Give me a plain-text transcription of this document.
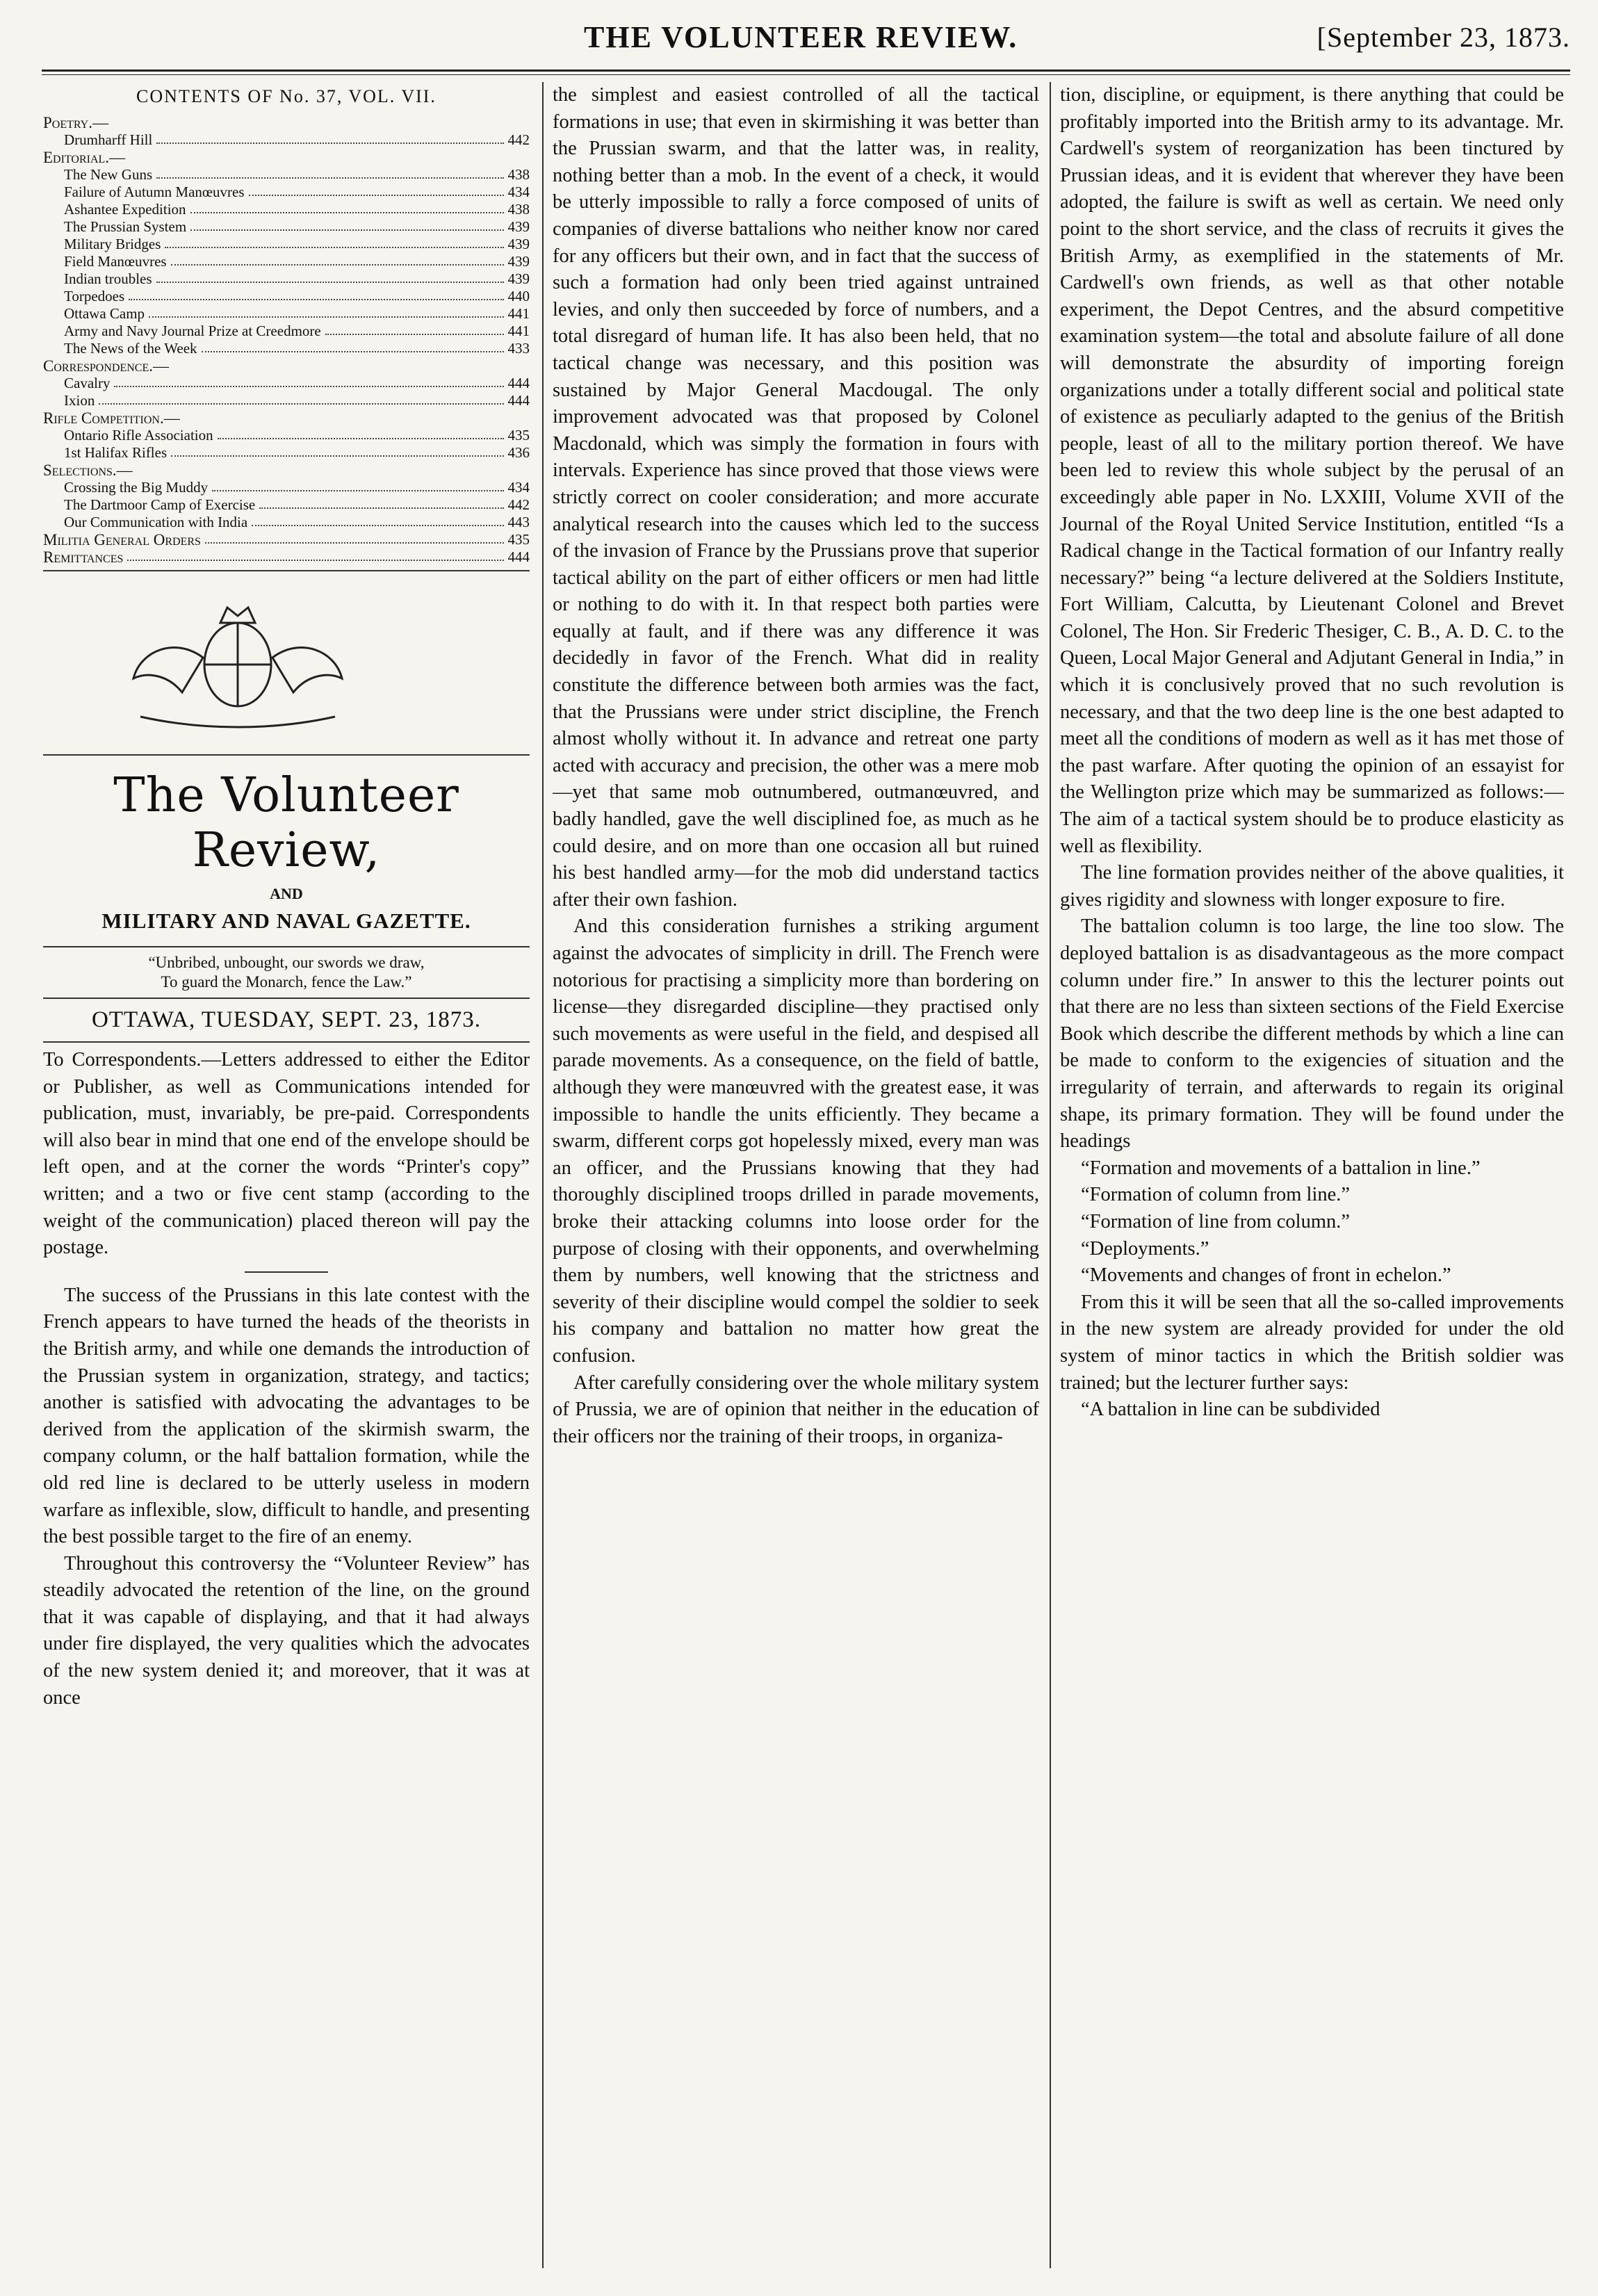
THE VOLUNTEER REVIEW.	[September 23, 1873.
CONTENTS OF No. 37, VOL. VII.
Poetry.—
Drumharff Hill	442
Editorial.—
The New Guns	438
Failure of Autumn Manœuvres	434
Ashantee Expedition	438
The Prussian System	439
Military Bridges	439
Field Manœuvres	439
Indian troubles	439
Torpedoes	440
Ottawa Camp	441
Army and Navy Journal Prize at Creedmore	441
The News of the Week	433
Correspondence.—
Cavalry	444
Ixion	444
Rifle Competition.—
Ontario Rifle Association	435
1st Halifax Rifles	436
Selections.—
Crossing the Big Muddy	434
The Dartmoor Camp of Exercise	442
Our Communication with India	443
Militia General Orders	435
Remittances	444
The Volunteer Review,
AND
MILITARY AND NAVAL GAZETTE.
“Unbribed, unbought, our swords we draw,
To guard the Monarch, fence the Law.”
OTTAWA, TUESDAY, SEPT. 23, 1873.

To Correspondents.—Letters addressed to either the Editor or Publisher, as well as Communications intended for publication, must, invariably, be pre-paid. Correspondents will also bear in mind that one end of the envelope should be left open, and at the corner the words “Printer's copy” written; and a two or five cent stamp (according to the weight of the communication) placed thereon will pay the postage.

The success of the Prussians in this late contest with the French appears to have turned the heads of the theorists in the British army, and while one demands the introduction of the Prussian system in organization, strategy, and tactics; another is satisfied with advocating the advantages to be derived from the application of the skirmish swarm, the company column, or the half battalion formation, while the old red line is declared to be utterly useless in modern warfare as inflexible, slow, difficult to handle, and presenting the best possible target to the fire of an enemy.

Throughout this controversy the “Volunteer Review” has steadily advocated the retention of the line, on the ground that it was capable of displaying, and that it had always under fire displayed, the very qualities which the advocates of the new system denied it; and moreover, that it was at once

the simplest and easiest controlled of all the tactical formations in use; that even in skirmishing it was better than the Prussian swarm, and that the latter was, in reality, nothing better than a mob. In the event of a check, it would be utterly impossible to rally a force composed of units of companies of diverse battalions who neither know nor cared for any officers but their own, and in fact that the success of such a formation had only been tried against untrained levies, and only then succeeded by force of numbers, and a total disregard of human life. It has also been held, that no tactical change was necessary, and this position was sustained by Major General Macdougal. The only improvement advocated was that proposed by Colonel Macdonald, which was simply the formation in fours with intervals. Experience has since proved that those views were strictly correct on cooler consideration; and more accurate analytical research into the causes which led to the success of the invasion of France by the Prussians prove that superior tactical ability on the part of either officers or men had little or nothing to do with it. In that respect both parties were equally at fault, and if there was any difference it was decidedly in favor of the French. What did in reality constitute the difference between both armies was the fact, that the Prussians were under strict discipline, the French almost wholly without it. In advance and retreat one party acted with accuracy and precision, the other was a mere mob—yet that same mob outnumbered, outmanœuvred, and badly handled, gave the well disciplined foe, as much as he could desire, and on more than one occasion all but ruined his best handled army—for the mob did understand tactics after their own fashion.

And this consideration furnishes a striking argument against the advocates of simplicity in drill. The French were notorious for practising a simplicity more than bordering on license—they disregarded discipline—they practised only such movements as were useful in the field, and despised all parade movements. As a consequence, on the field of battle, although they were manœuvred with the greatest ease, it was impossible to handle the units efficiently. They became a swarm, different corps got hopelessly mixed, every man was an officer, and the Prussians knowing that they had thoroughly disciplined troops drilled in parade movements, broke their attacking columns into loose order for the purpose of closing with their opponents, and overwhelming them by numbers, well knowing that the strictness and severity of their discipline would compel the soldier to seek his company and battalion no matter how great the confusion.

After carefully considering over the whole military system of Prussia, we are of opinion that neither in the education of their officers nor the training of their troops, in organiza-

tion, discipline, or equipment, is there anything that could be profitably imported into the British army to its advantage. Mr. Cardwell's system of reorganization has been tinctured by Prussian ideas, and it is evident that wherever they have been adopted, the failure is swift as well as certain. We need only point to the short service, and the class of recruits it gives the British Army, as exemplified in the statements of Mr. Cardwell's own friends, as well as that other notable experiment, the Depot Centres, and the absurd competitive examination system—the total and absolute failure of all done will demonstrate the absurdity of importing foreign organizations under a totally different social and political state of existence as peculiarly adapted to the genius of the British people, least of all to the military portion thereof. We have been led to review this whole subject by the perusal of an exceedingly able paper in No. LXXIII, Volume XVII of the Journal of the Royal United Service Institution, entitled “Is a Radical change in the Tactical formation of our Infantry really necessary?” being “a lecture delivered at the Soldiers Institute, Fort William, Calcutta, by Lieutenant Colonel and Brevet Colonel, The Hon. Sir Frederic Thesiger, C. B., A. D. C. to the Queen, Local Major General and Adjutant General in India,” in which it is conclusively proved that no such revolution is necessary, and that the two deep line is the one best adapted to meet all the conditions of modern as well as it has met those of the past warfare. After quoting the opinion of an essayist for the Wellington prize which may be summarized as follows:—The aim of a tactical system should be to produce elasticity as well as flexibility.

The line formation provides neither of the above qualities, it gives rigidity and slowness with longer exposure to fire.

The battalion column is too large, the line too slow. The deployed battalion is as disadvantageous as the more compact column under fire.” In answer to this the lecturer points out that there are no less than sixteen sections of the Field Exercise Book which describe the different methods by which a line can be made to conform to the exigencies of situation and the irregularity of terrain, and afterwards to regain its original shape, its primary formation. They will be found under the headings

“Formation and movements of a battalion in line.”

“Formation of column from line.”

“Formation of line from column.”

“Deployments.”

“Movements and changes of front in echelon.”

From this it will be seen that all the so-called improvements in the new system are already provided for under the old system of minor tactics in which the British soldier was trained; but the lecturer further says:

“A battalion in line can be subdivided
